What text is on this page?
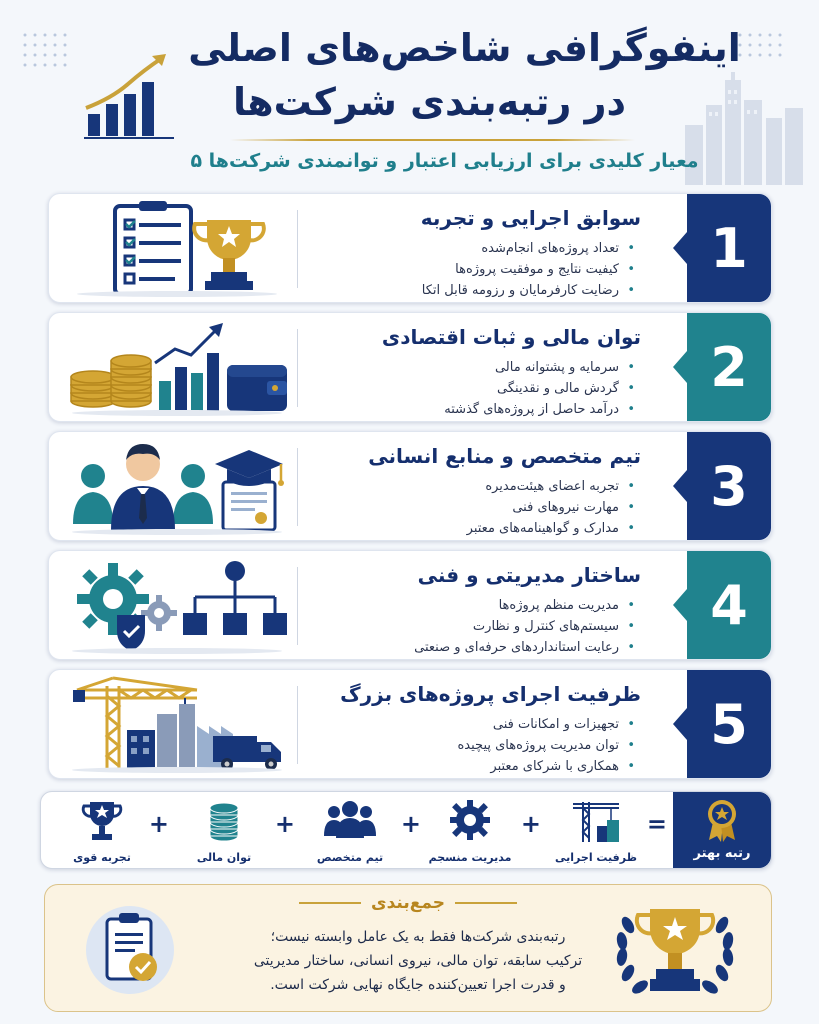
اینفوگرافی شاخص‌های اصلی
در رتبه‌بندی شرکت‌ها
۵ معیار کلیدی برای ارزیابی اعتبار و توانمندی شرکت‌ها
سوابق اجرایی و تجربه
• تعداد پروژه‌های انجام‌شده
• کیفیت نتایج و موفقیت پروژه‌ها
• رضایت کارفرمایان و رزومه قابل اتکا
1
توان مالی و ثبات اقتصادی
• سرمایه و پشتوانه مالی
• گردش مالی و نقدینگی
• درآمد حاصل از پروژه‌های گذشته
2
تیم متخصص و منابع انسانی
• تجربه اعضای هیئت‌مدیره
• مهارت نیروهای فنی
• مدارک و گواهینامه‌های معتبر
3
ساختار مدیریتی و فنی
• مدیریت منظم پروژه‌ها
• سیستم‌های کنترل و نظارت
• رعایت استانداردهای حرفه‌ای و صنعتی
4
ظرفیت اجرای پروژه‌های بزرگ
• تجهیزات و امکانات فنی
• توان مدیریت پروژه‌های پیچیده
• همکاری با شرکای معتبر
5
رتبه بهتر
=
ظرفیت اجرایی
+
مدیریت منسجم
+
تیم متخصص
+
توان مالی
+
تجربه قوی
جمع‌بندی
رتبه‌بندی شرکت‌ها فقط به یک عامل وابسته نیست؛
ترکیب سابقه، توان مالی، نیروی انسانی، ساختار مدیریتی
و قدرت اجرا تعیین‌کننده جایگاه نهایی شرکت است.
